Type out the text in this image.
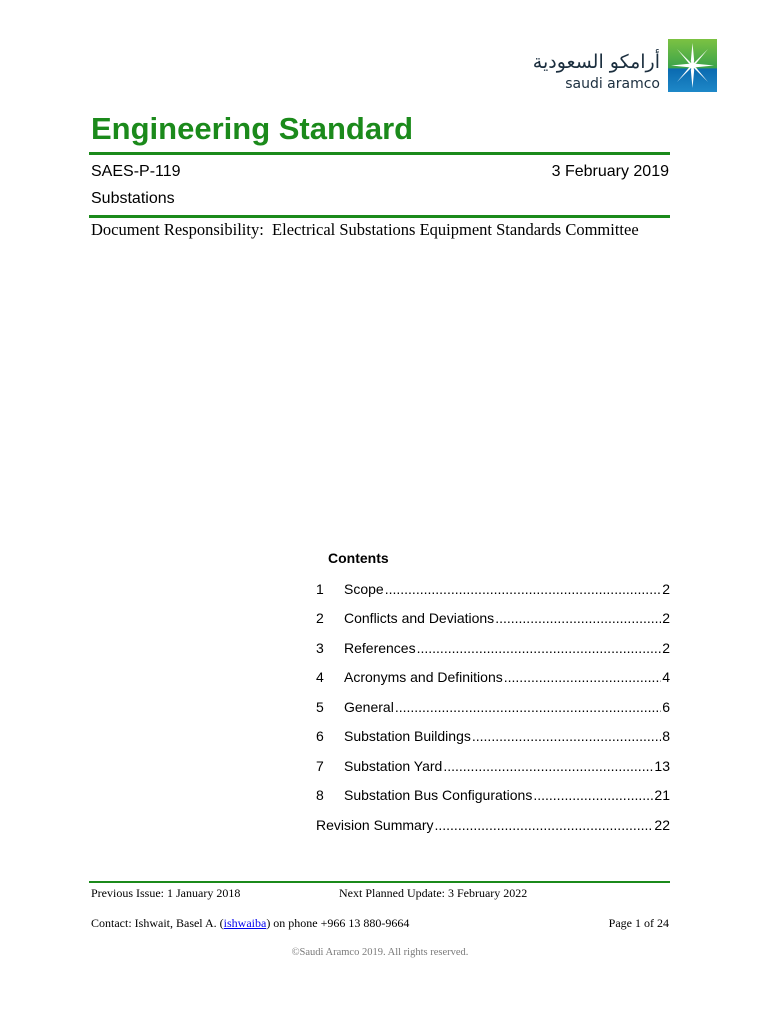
أرامكو السعودية
saudi aramco
Engineering Standard
SAES-P-119	3 February 2019
Substations
Document Responsibility: Electrical Substations Equipment Standards Committee
Contents
1	Scope .....	2
2	Conflicts and Deviations .....	2
3	References .....	2
4	Acronyms and Definitions .....	4
5	General .....	6
6	Substation Buildings .....	8
7	Substation Yard .....	13
8	Substation Bus Configurations .....	21
Revision Summary .....	22
Previous Issue: 1 January 2018	Next Planned Update: 3 February 2022
Contact: Ishwait, Basel A. (ishwaiba) on phone +966 13 880-9664	Page 1 of 24
©Saudi Aramco 2019. All rights reserved.
